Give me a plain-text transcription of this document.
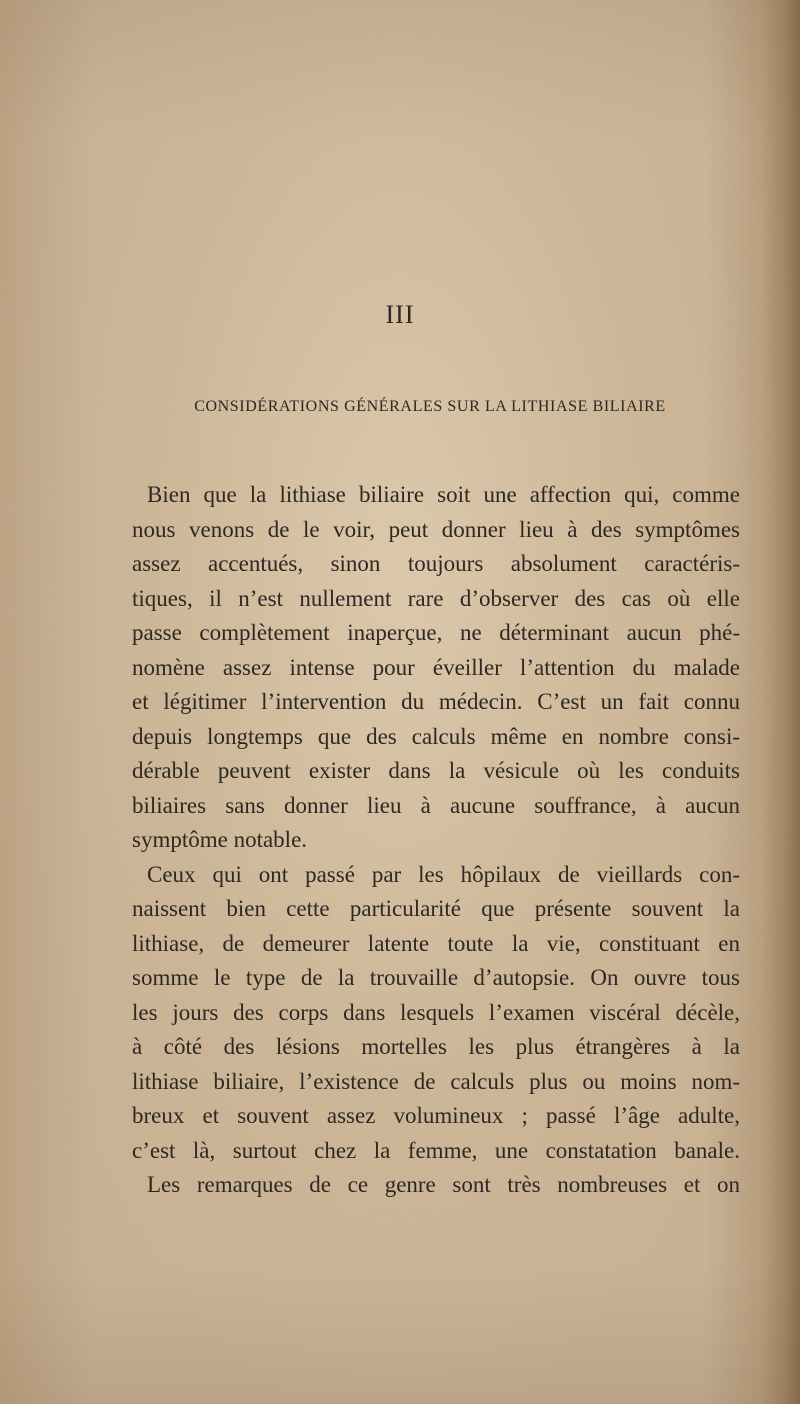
III
CONSIDÉRATIONS GÉNÉRALES SUR LA LITHIASE BILIAIRE
Bien que la lithiase biliaire soit une affection qui, comme
nous venons de le voir, peut donner lieu à des symptômes
assez accentués, sinon toujours absolument caractéris-
tiques, il n’est nullement rare d’observer des cas où elle
passe complètement inaperçue, ne déterminant aucun phé-
nomène assez intense pour éveiller l’attention du malade
et légitimer l’intervention du médecin. C’est un fait connu
depuis longtemps que des calculs même en nombre consi-
dérable peuvent exister dans la vésicule où les conduits
biliaires sans donner lieu à aucune souffrance, à aucun
symptôme notable.
Ceux qui ont passé par les hôpilaux de vieillards con-
naissent bien cette particularité que présente souvent la
lithiase, de demeurer latente toute la vie, constituant en
somme le type de la trouvaille d’autopsie. On ouvre tous
les jours des corps dans lesquels l’examen viscéral décèle,
à côté des lésions mortelles les plus étrangères à la
lithiase biliaire, l’existence de calculs plus ou moins nom-
breux et souvent assez volumineux ; passé l’âge adulte,
c’est là, surtout chez la femme, une constatation banale.
Les remarques de ce genre sont très nombreuses et on
